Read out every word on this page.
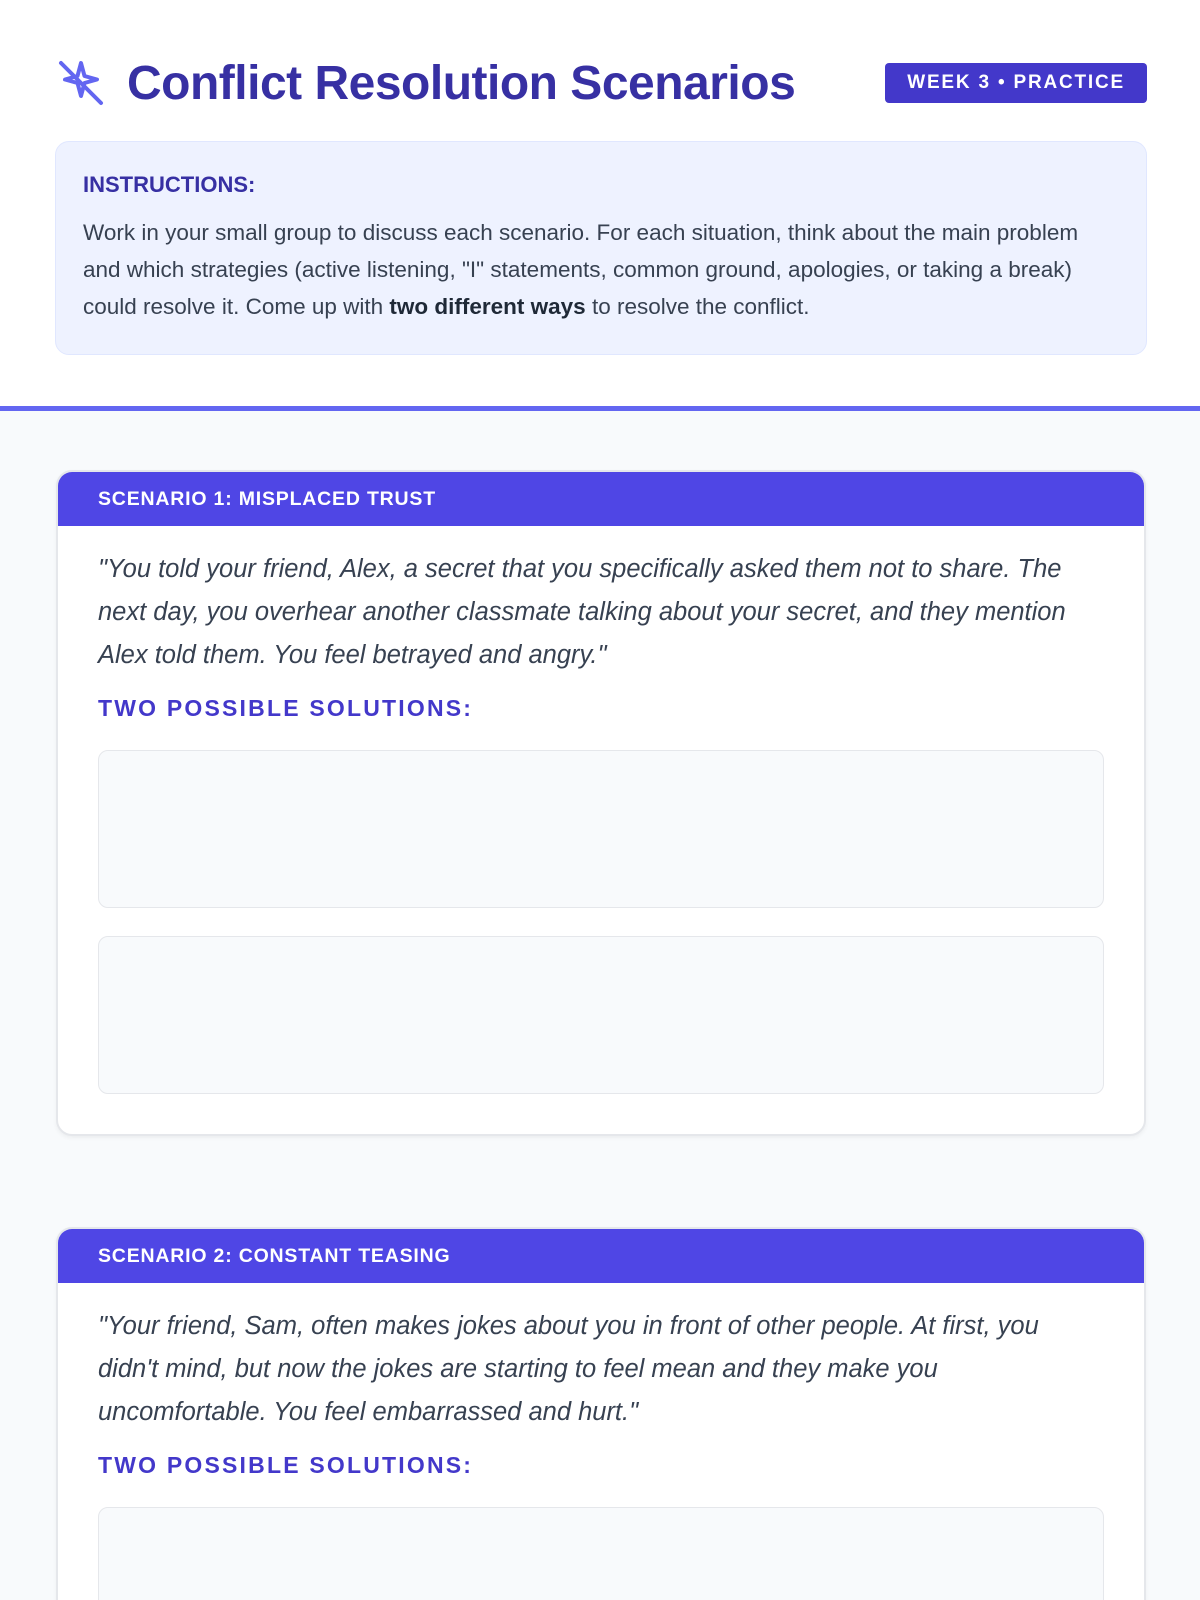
Conflict Resolution Scenarios	WEEK 3 • PRACTICE
INSTRUCTIONS:

Work in your small group to discuss each scenario. For each situation, think about the main problem and which strategies (active listening, "I" statements, common ground, apologies, or taking a break) could resolve it. Come up with two different ways to resolve the conflict.

SCENARIO 1: MISPLACED TRUST

"You told your friend, Alex, a secret that you specifically asked them not to share. The next day, you overhear another classmate talking about your secret, and they mention Alex told them. You feel betrayed and angry."

TWO POSSIBLE SOLUTIONS:
SCENARIO 2: CONSTANT TEASING

"Your friend, Sam, often makes jokes about you in front of other people. At first, you didn't mind, but now the jokes are starting to feel mean and they make you uncomfortable. You feel embarrassed and hurt."

TWO POSSIBLE SOLUTIONS:
